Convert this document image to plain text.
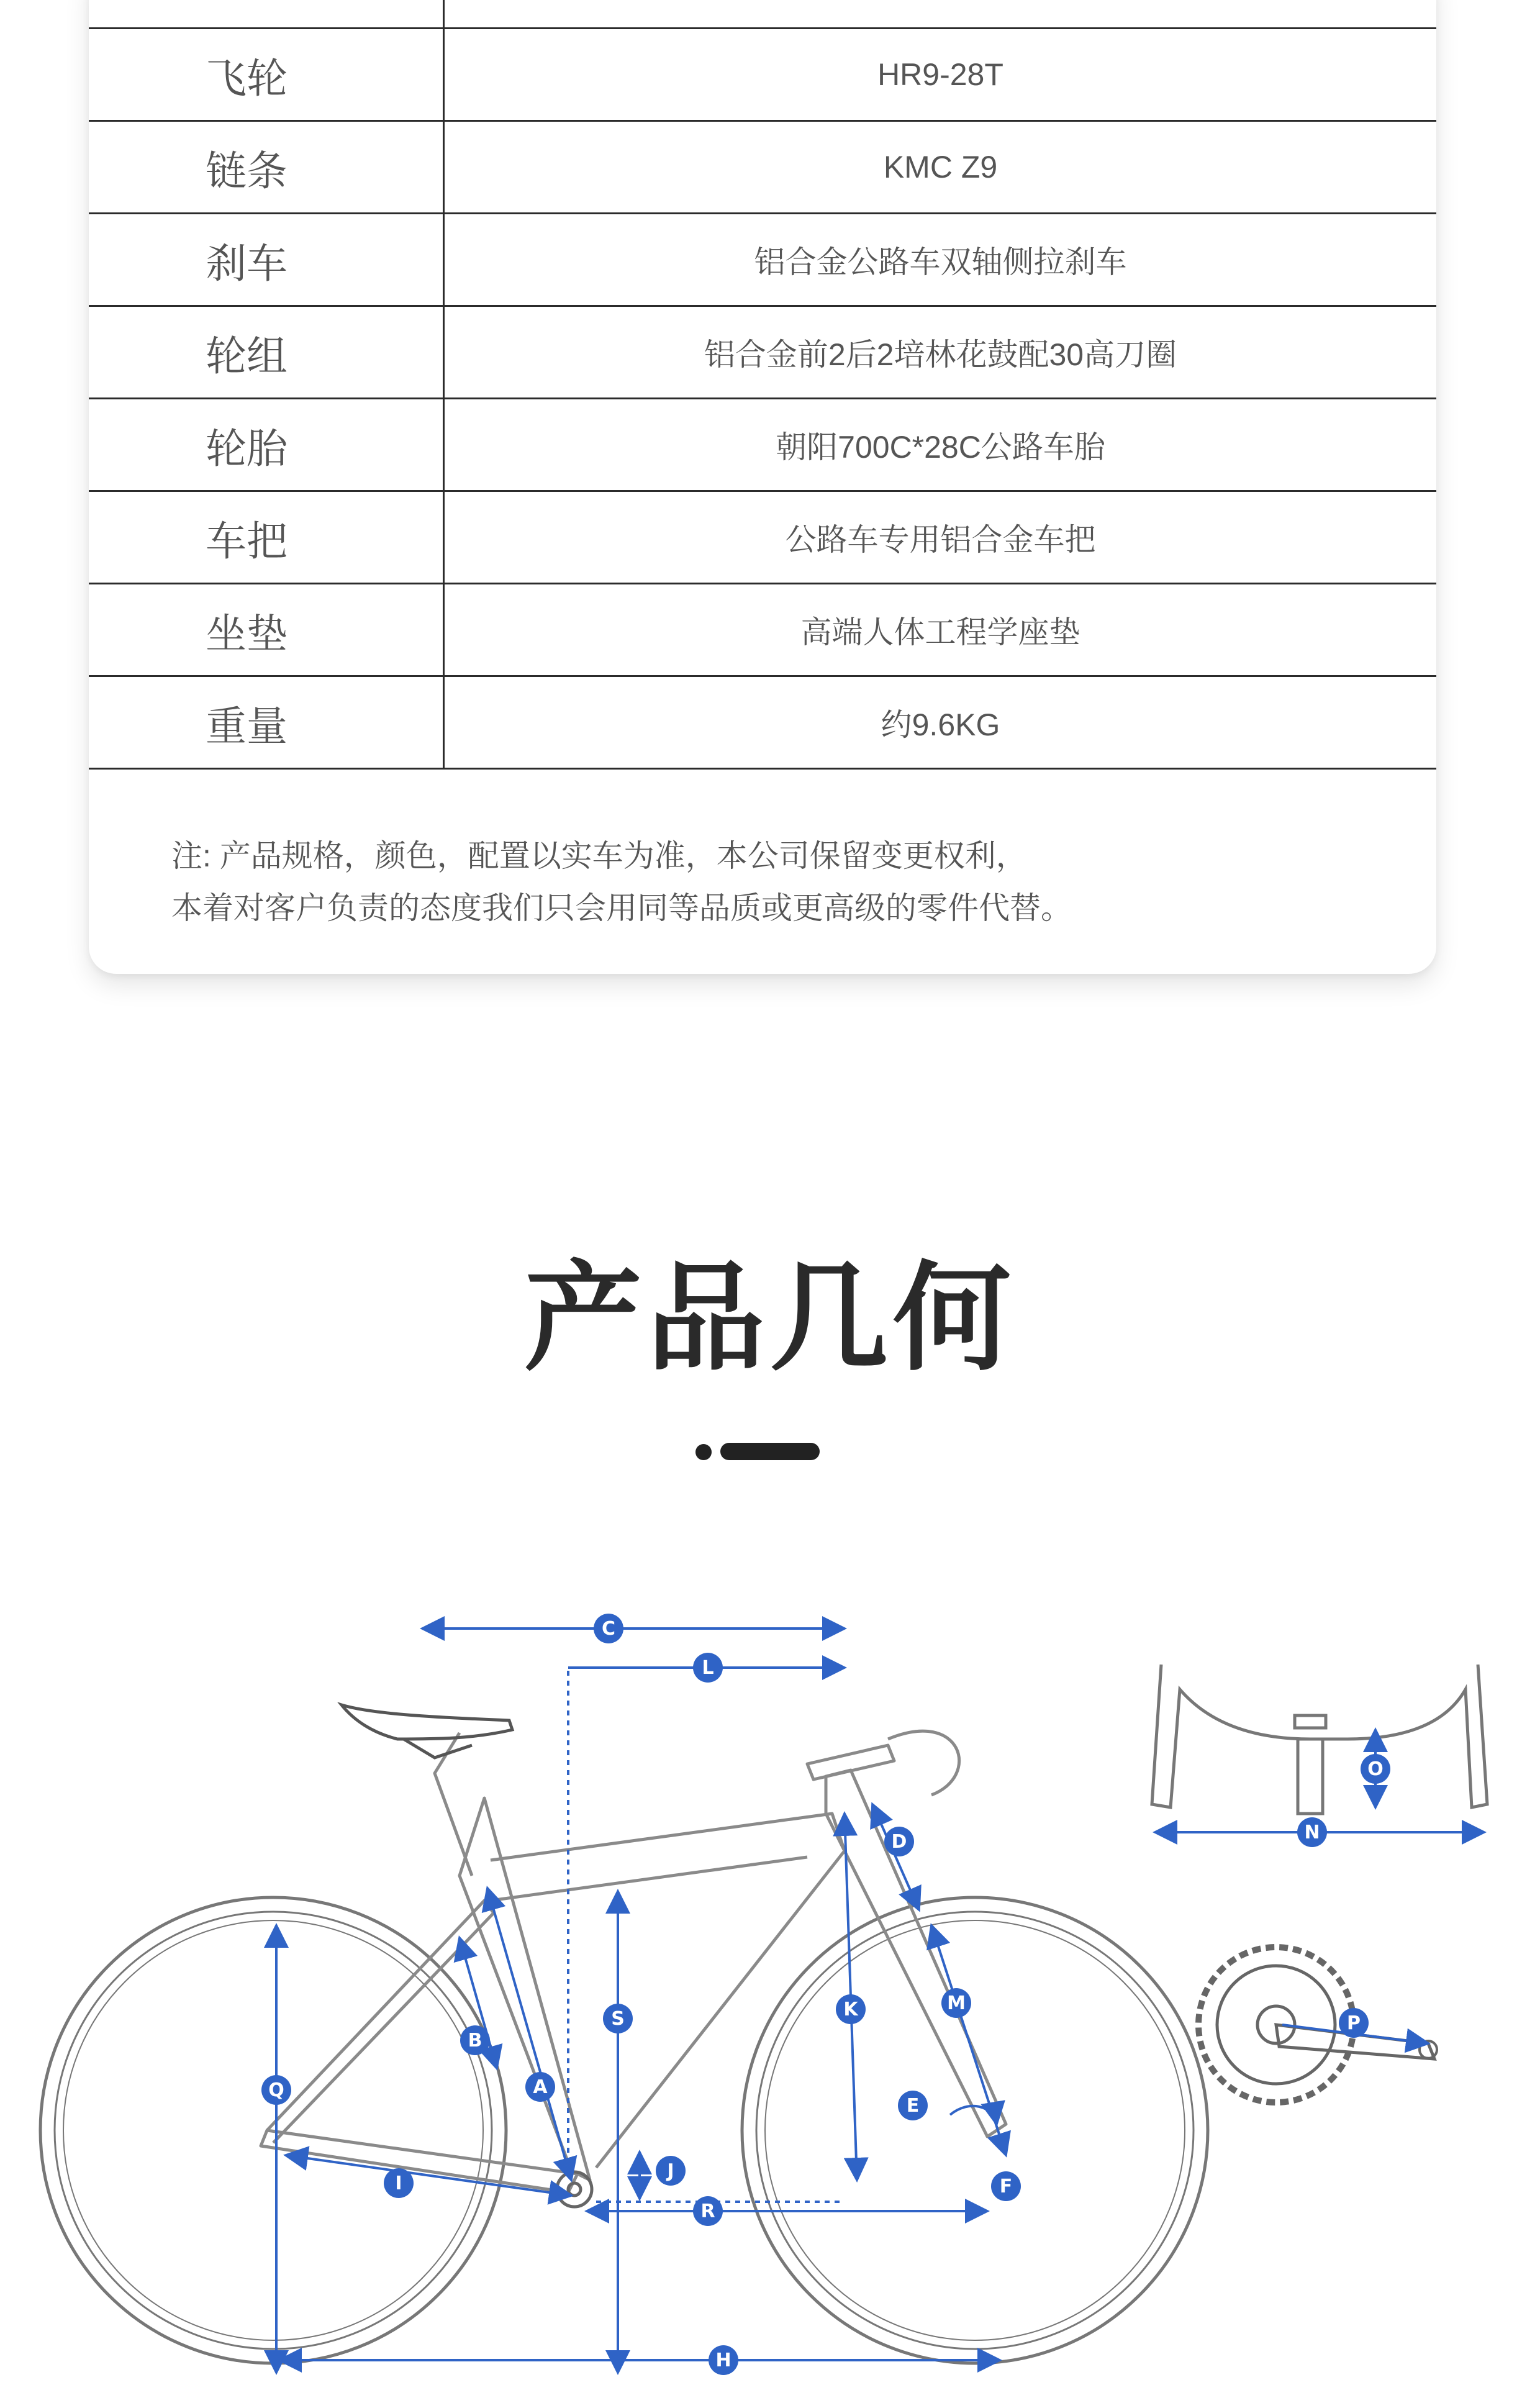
飞轮	HR9-28T
链条	KMC Z9
刹车	铝合金公路车双轴侧拉刹车
轮组	铝合金前2后2培林花鼓配30高刀圈
轮胎	朝阳700C*28C公路车胎
车把	公路车专用铝合金车把
坐垫	高端人体工程学座垫
重量	约9.6KG
注: 产品规格，颜色，配置以实车为准，本公司保留变更权利，
本着对客户负责的态度我们只会用同等品质或更高级的零件代替。
产品几何
C
L
D
S	K	M
B
A
Q
E
I
J
F
R
H
N
O
P
